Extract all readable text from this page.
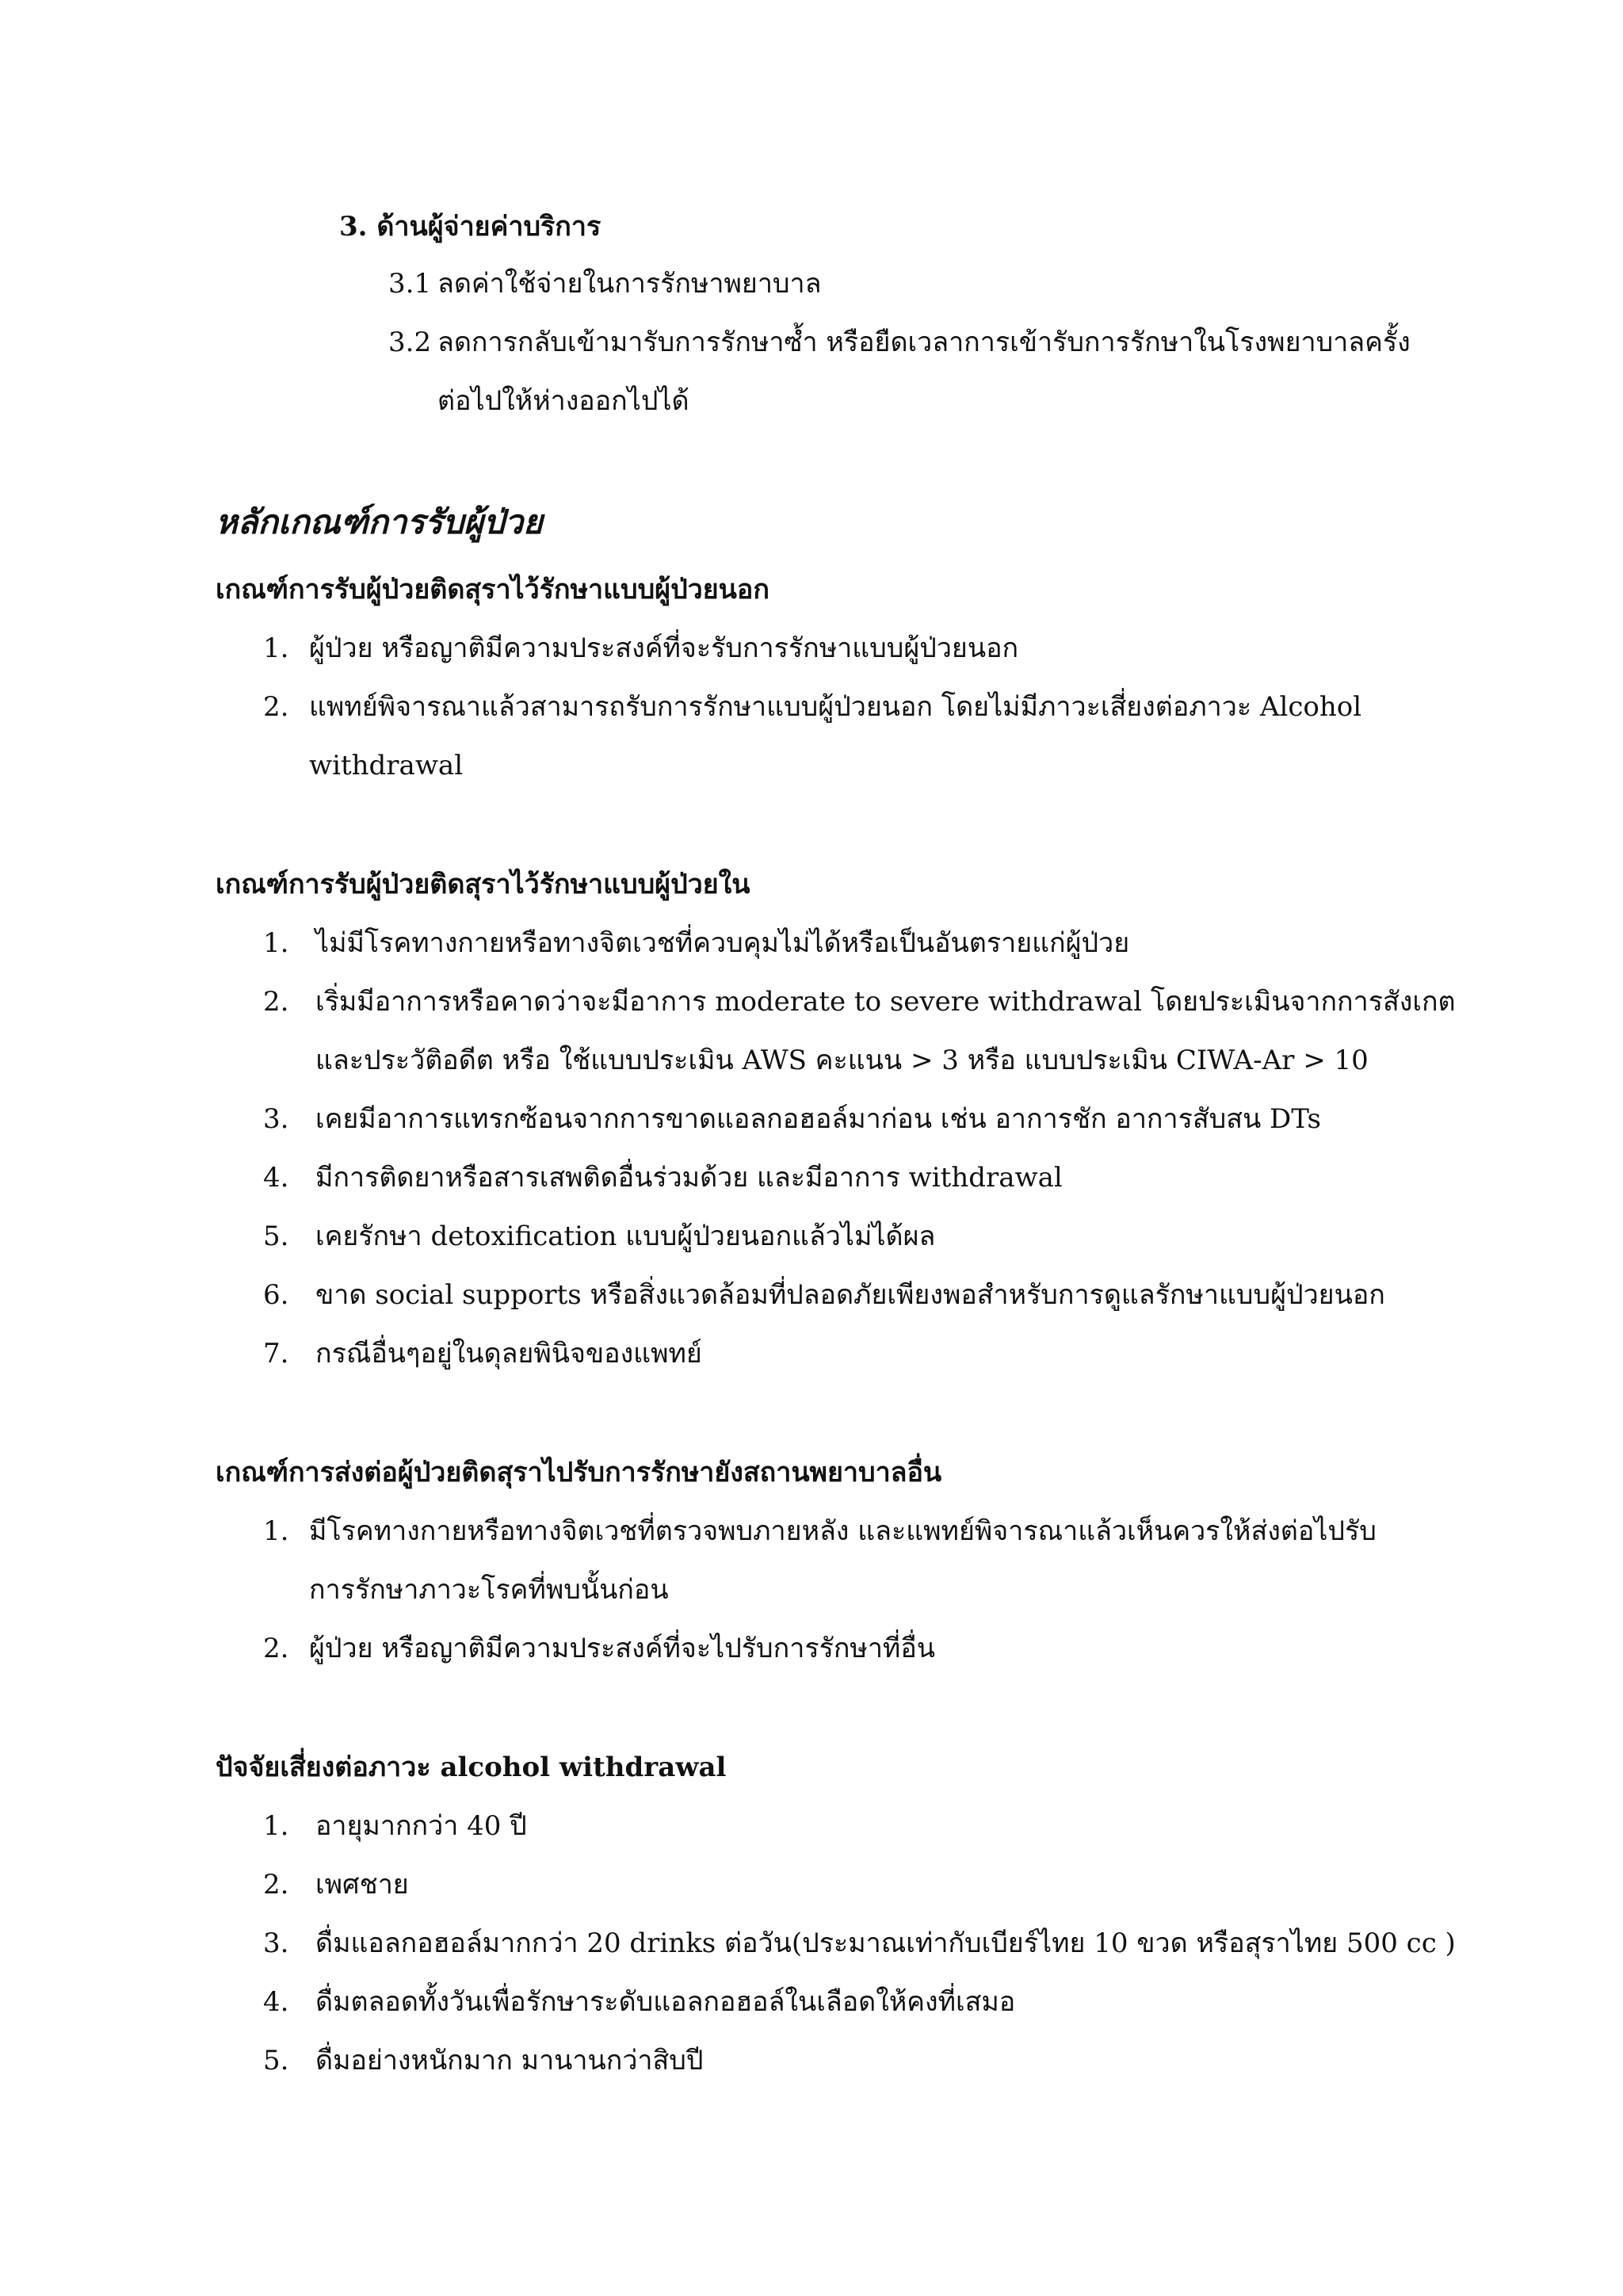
3. ด้านผู้จ่ายค่าบริการ
3.1 ลดค่าใช้จ่ายในการรักษาพยาบาล
3.2 ลดการกลับเข้ามารับการรักษาซ้ำ หรือยืดเวลาการเข้ารับการรักษาในโรงพยาบาลครั้ง
ต่อไปให้ห่างออกไปได้
หลักเกณฑ์การรับผู้ป่วย
เกณฑ์การรับผู้ป่วยติดสุราไว้รักษาแบบผู้ป่วยนอก
1. ผู้ป่วย หรือญาติมีความประสงค์ที่จะรับการรักษาแบบผู้ป่วยนอก
2. แพทย์พิจารณาแล้วสามารถรับการรักษาแบบผู้ป่วยนอก โดยไม่มีภาวะเสี่ยงต่อภาวะ Alcohol
withdrawal
เกณฑ์การรับผู้ป่วยติดสุราไว้รักษาแบบผู้ป่วยใน
1. ไม่มีโรคทางกายหรือทางจิตเวชที่ควบคุมไม่ได้หรือเป็นอันตรายแก่ผู้ป่วย
2. เริ่มมีอาการหรือคาดว่าจะมีอาการ moderate to severe withdrawal โดยประเมินจากการสังเกต
และประวัติอดีต หรือ ใช้แบบประเมิน AWS คะแนน > 3 หรือ แบบประเมิน CIWA-Ar > 10
3. เคยมีอาการแทรกซ้อนจากการขาดแอลกอฮอล์มาก่อน เช่น อาการชัก อาการสับสน DTs
4. มีการติดยาหรือสารเสพติดอื่นร่วมด้วย และมีอาการ withdrawal
5. เคยรักษา detoxification แบบผู้ป่วยนอกแล้วไม่ได้ผล
6. ขาด social supports หรือสิ่งแวดล้อมที่ปลอดภัยเพียงพอสำหรับการดูแลรักษาแบบผู้ป่วยนอก
7. กรณีอื่นๆอยู่ในดุลยพินิจของแพทย์
เกณฑ์การส่งต่อผู้ป่วยติดสุราไปรับการรักษายังสถานพยาบาลอื่น
1. มีโรคทางกายหรือทางจิตเวชที่ตรวจพบภายหลัง และแพทย์พิจารณาแล้วเห็นควรให้ส่งต่อไปรับ
การรักษาภาวะโรคที่พบนั้นก่อน
2. ผู้ป่วย หรือญาติมีความประสงค์ที่จะไปรับการรักษาที่อื่น
ปัจจัยเสี่ยงต่อภาวะ alcohol withdrawal
1. อายุมากกว่า 40 ปี
2. เพศชาย
3. ดื่มแอลกอฮอล์มากกว่า 20 drinks ต่อวัน(ประมาณเท่ากับเบียร์ไทย 10 ขวด หรือสุราไทย 500 cc )
4. ดื่มตลอดทั้งวันเพื่อรักษาระดับแอลกอฮอล์ในเลือดให้คงที่เสมอ
5. ดื่มอย่างหนักมาก มานานกว่าสิบปี
